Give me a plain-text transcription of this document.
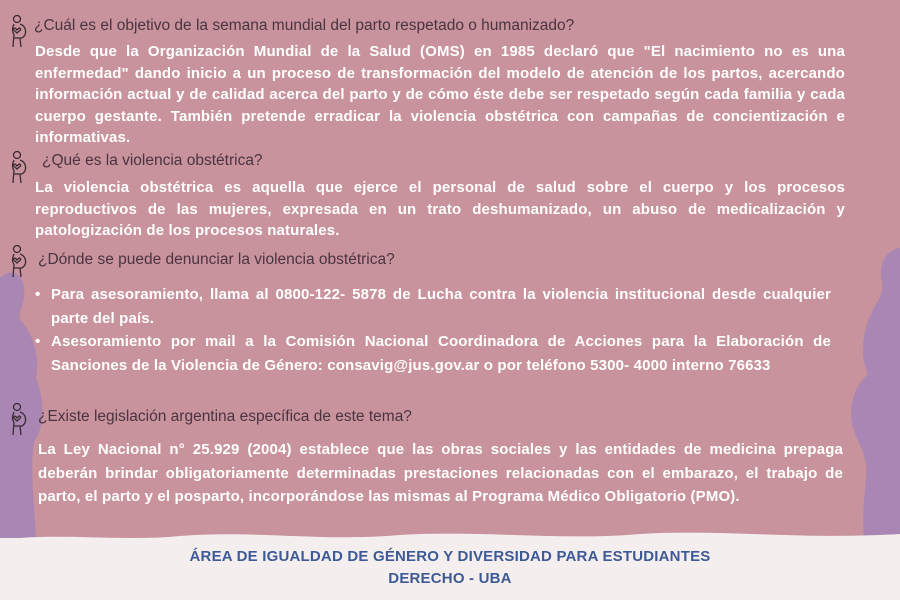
¿Cuál es el objetivo de la semana mundial del parto respetado o humanizado?
Desde que la Organización Mundial de la Salud (OMS) en 1985 declaró que "El nacimiento no es una enfermedad" dando inicio a un proceso de transformación del modelo de atención de los partos, acercando información actual y de calidad acerca del parto y de cómo éste debe ser respetado según cada familia y cada cuerpo gestante. También pretende erradicar la violencia obstétrica con campañas de concientización e informativas.
¿Qué es la violencia obstétrica?
La violencia obstétrica es aquella que ejerce el personal de salud sobre el cuerpo y los procesos reproductivos de las mujeres, expresada en un trato deshumanizado, un abuso de medicalización y patologización de los procesos naturales.
¿Dónde se puede denunciar la violencia obstétrica?
• Para asesoramiento, llama al 0800-122- 5878 de Lucha contra la violencia institucional desde cualquier parte del país.
• Asesoramiento por mail a la Comisión Nacional Coordinadora de Acciones para la Elaboración de Sanciones de la Violencia de Género: consavig@jus.gov.ar o por teléfono 5300- 4000 interno 76633
¿Existe legislación argentina específica de este tema?
La Ley Nacional n° 25.929 (2004) establece que las obras sociales y las entidades de medicina prepaga deberán brindar obligatoriamente determinadas prestaciones relacionadas con el embarazo, el trabajo de parto, el parto y el posparto, incorporándose las mismas al Programa Médico Obligatorio (PMO).
ÁREA DE IGUALDAD DE GÉNERO Y DIVERSIDAD PARA ESTUDIANTES
DERECHO - UBA
